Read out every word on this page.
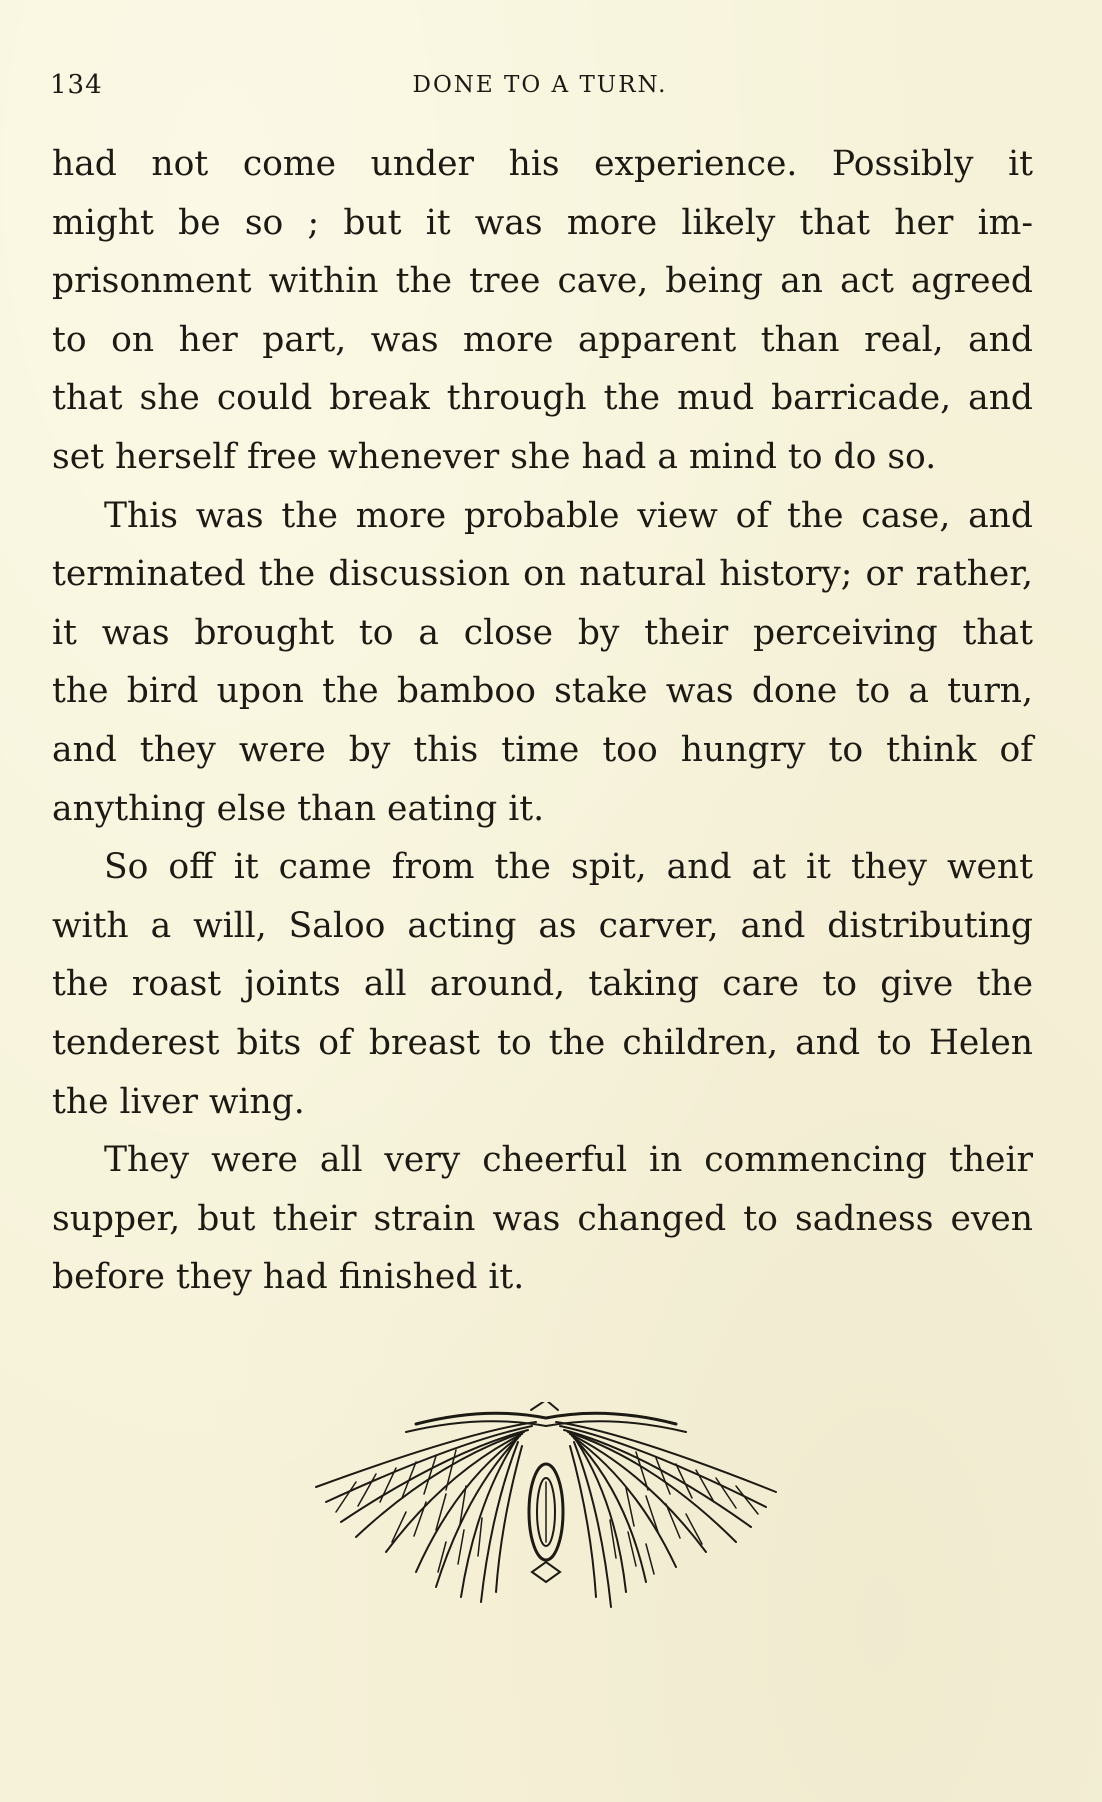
134	DONE TO A TURN.
had not come under his experience. Possibly it
might be so ; but it was more likely that her im-
prisonment within the tree cave, being an act agreed
to on her part, was more apparent than real, and
that she could break through the mud barricade, and
set herself free whenever she had a mind to do so.
This was the more probable view of the case, and
terminated the discussion on natural history; or rather,
it was brought to a close by their perceiving that
the bird upon the bamboo stake was done to a turn,
and they were by this time too hungry to think of
anything else than eating it.
So off it came from the spit, and at it they went
with a will, Saloo acting as carver, and distributing
the roast joints all around, taking care to give the
tenderest bits of breast to the children, and to Helen
the liver wing.
They were all very cheerful in commencing their
supper, but their strain was changed to sadness even
before they had finished it.
